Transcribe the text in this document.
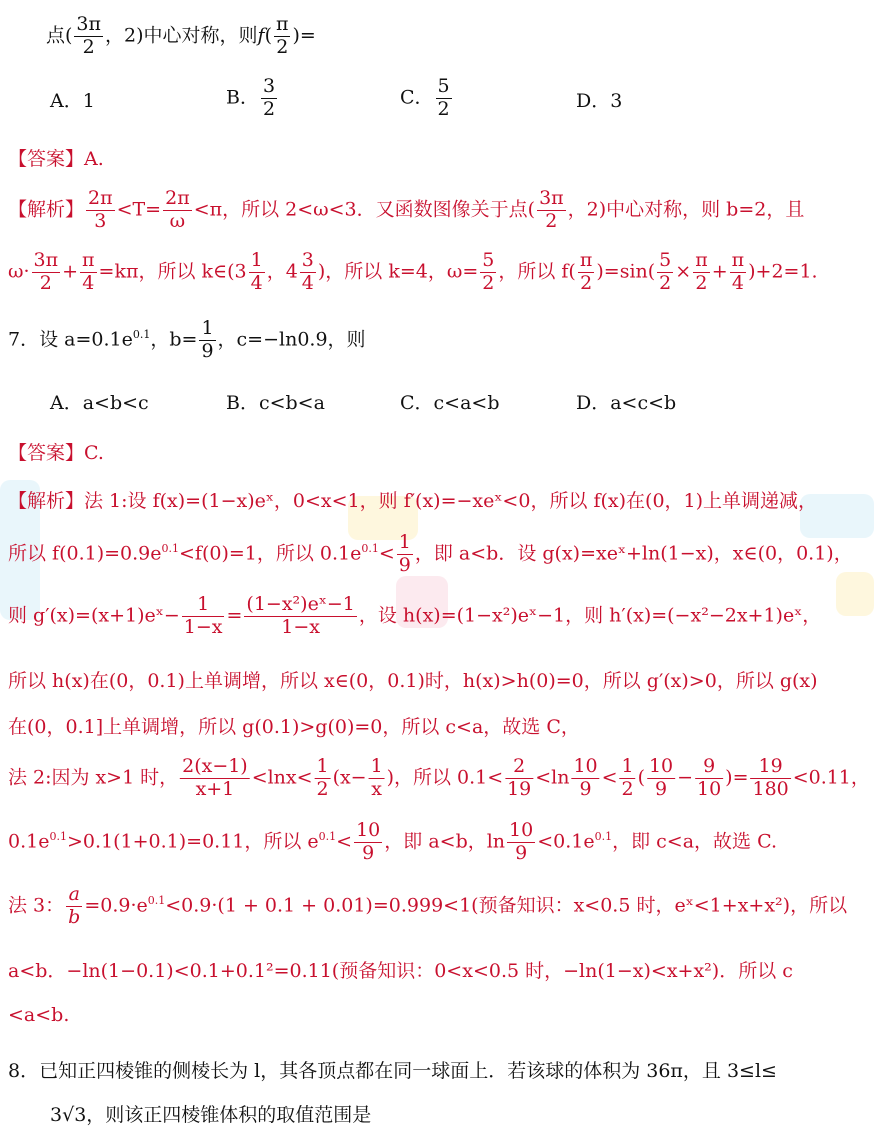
点( $\frac{3\pi}{2}$ ，2)中心对称，则$f( \frac{\pi}{2}$ )=
A．1	B． $\frac{3}{2}$	C． $\frac{5}{2}$	D．3
【答案】A.
【解析】 $\frac{2\pi}{3} <T= \frac{2\pi}{\omega} <\pi$，所以 2<ω<3．又函数图像关于点( $\frac{3\pi}{2}$ ，2)中心对称，则 b=2，且
$\omega\cdot \frac{3\pi}{2} + \frac{\pi}{4} =k\pi$，所以 k∈(3 $\frac{1}{4}$ ，$4 \frac{3}{4}$ )，所以 k=4，$\omega= \frac{5}{2}$ ，所以 $f( \frac{\pi}{2} )=\sin( \frac{5}{2} \times \frac{\pi}{2} + \frac{\pi}{4} )+2=1$.
7．设 $a=0.1e^{0.1}$，$b= \frac{1}{9}$ ，c=−ln0.9，则
A．a<b<c	B．c<b<a	C．c<a<b	D．a<c<b
【答案】C.
【解析】法 1:设 f(x)=(1−x)eˣ，0<x<1，则 f′(x)=−xeˣ<0，所以 f(x)在(0，1)上单调递减，
所以 $f(0.1)=0.9e^{0.1}<f(0)=1$，所以 $0.1e^{0.1}< \frac{1}{9}$ ，即 a<b．设 g(x)=xeˣ+ln(1−x)，x∈(0，0.1)，
则 g′(x)=(x+1)eˣ− $\frac{1}{1-x} = \frac{\text{(1−x²)eˣ−1}}{1-x}$ ，设 h(x)=(1−x²)eˣ−1，则 h′(x)=(−x²−2x+1)eˣ，
所以 h(x)在(0，0.1)上单调增，所以 x∈(0，0.1)时，h(x)>h(0)=0，所以 g′(x)>0，所以 g(x)
在(0，0.1]上单调增，所以 g(0.1)>g(0)=0，所以 c<a，故选 C，
法 2:因为 x>1 时， $\frac{2(x-1)}{x+1} <\ln x< \frac{1}{2} (x- \frac{1}{x}$ )，所以 $0.1< \frac{2}{19} <\ln \frac{10}{9} < \frac{1}{2}$ ( $\frac{10}{9} - \frac{9}{10}$ )= $\frac{19}{180} <0.11$，
$0.1e^{0.1}>0.1(1+0.1)=0.11$，所以 $e^{0.1}< \frac{10}{9}$ ，即 a<b，$\ln \frac{10}{9} <0.1e^{0.1}$，即 c<a，故选 C.
法 3： $\frac{a}{b} =0.9\cdot e^{0.1}<0.9\cdot(1 + 0.1 + 0.01)=0.999<1$(预备知识：x<0.5 时，eˣ<1+x+x²)，所以
a<b．−ln(1−0.1)<0.1+0.1²=0.11(预备知识：0<x<0.5 时，−ln(1−x)<x+x²)．所以 c
<a<b.
8．已知正四棱锥的侧棱长为 l，其各顶点都在同一球面上．若该球的体积为 36π，且 3≤l≤
3√3，则该正四棱锥体积的取值范围是
